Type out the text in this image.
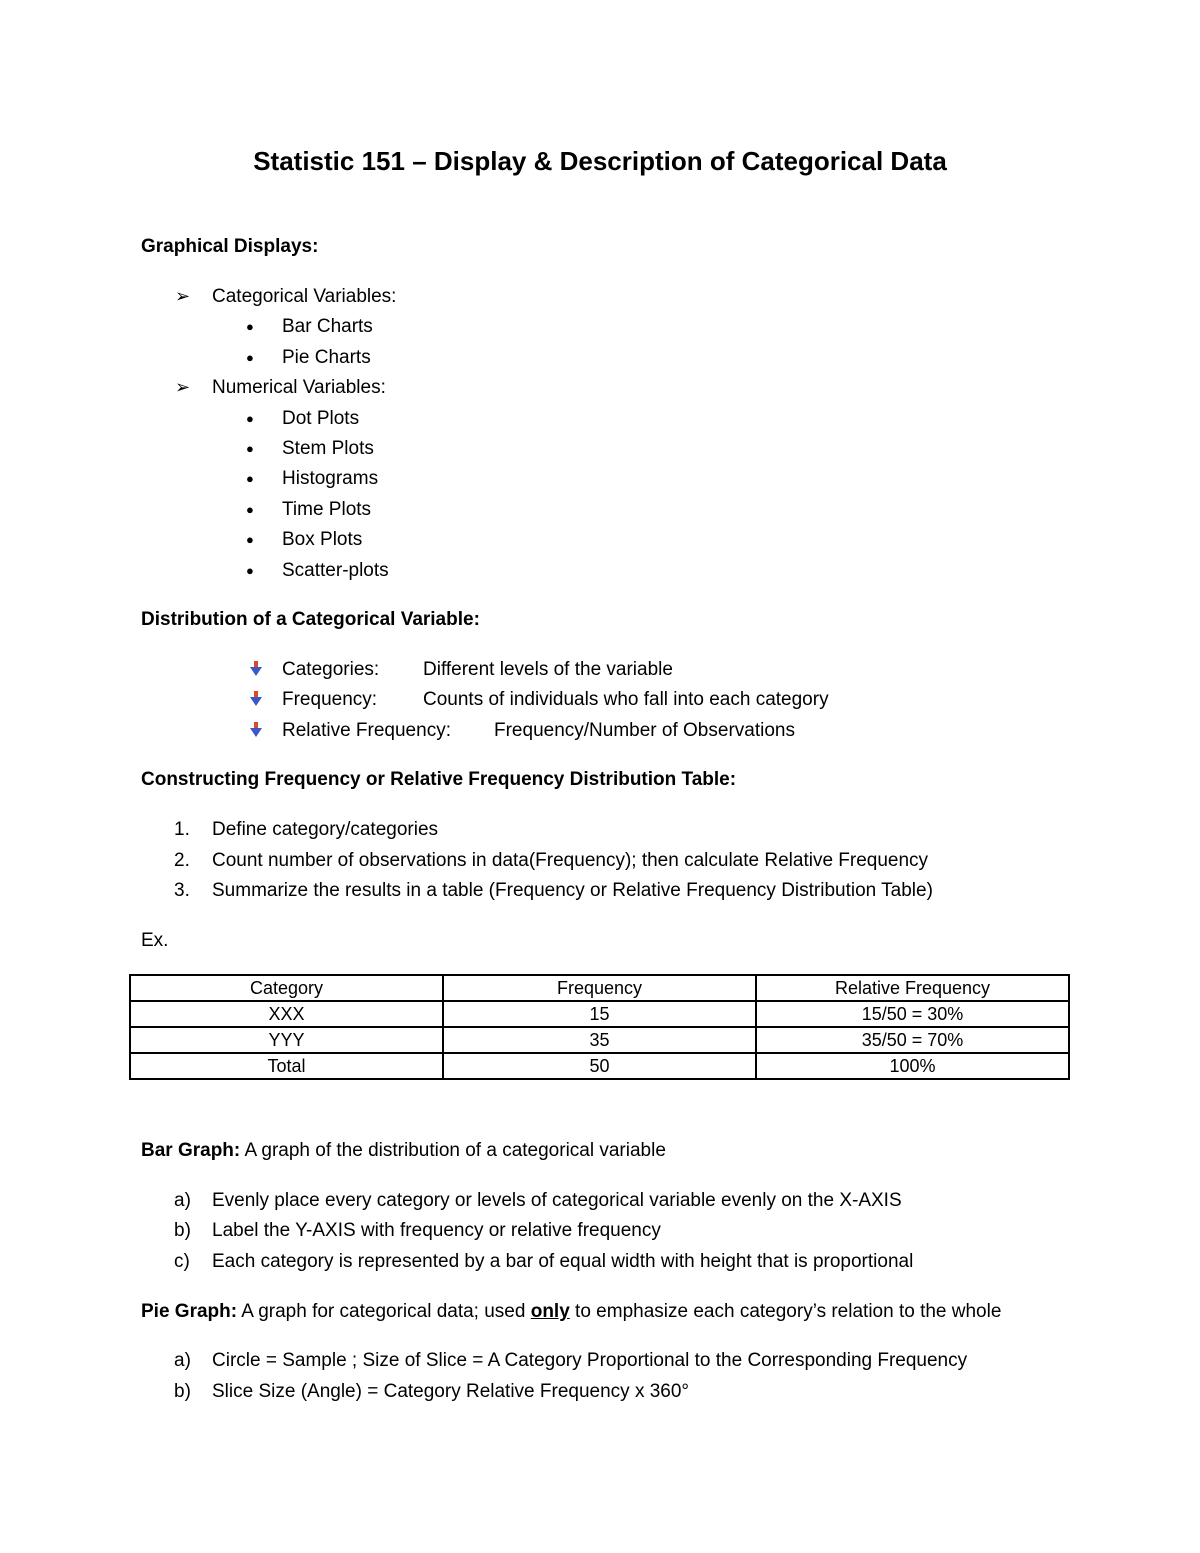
Statistic 151 – Display & Description of Categorical Data
Graphical Displays:
➢ Categorical Variables:
● Bar Charts
● Pie Charts
➢ Numerical Variables:
● Dot Plots
● Stem Plots
● Histograms
● Time Plots
● Box Plots
● Scatter-plots
Distribution of a Categorical Variable:
Categories: Different levels of the variable
Frequency: Counts of individuals who fall into each category
Relative Frequency: Frequency/Number of Observations
Constructing Frequency or Relative Frequency Distribution Table:
1. Define category/categories
2. Count number of observations in data(Frequency); then calculate Relative Frequency
3. Summarize the results in a table (Frequency or Relative Frequency Distribution Table)
Ex.
Category	Frequency	Relative Frequency
XXX	15	15/50 = 30%
YYY	35	35/50 = 70%
Total	50	100%
Bar Graph: A graph of the distribution of a categorical variable
a) Evenly place every category or levels of categorical variable evenly on the X-AXIS
b) Label the Y-AXIS with frequency or relative frequency
c) Each category is represented by a bar of equal width with height that is proportional
Pie Graph: A graph for categorical data; used only to emphasize each category’s relation to the whole
a) Circle = Sample ; Size of Slice = A Category Proportional to the Corresponding Frequency
b) Slice Size (Angle) = Category Relative Frequency x 360°
